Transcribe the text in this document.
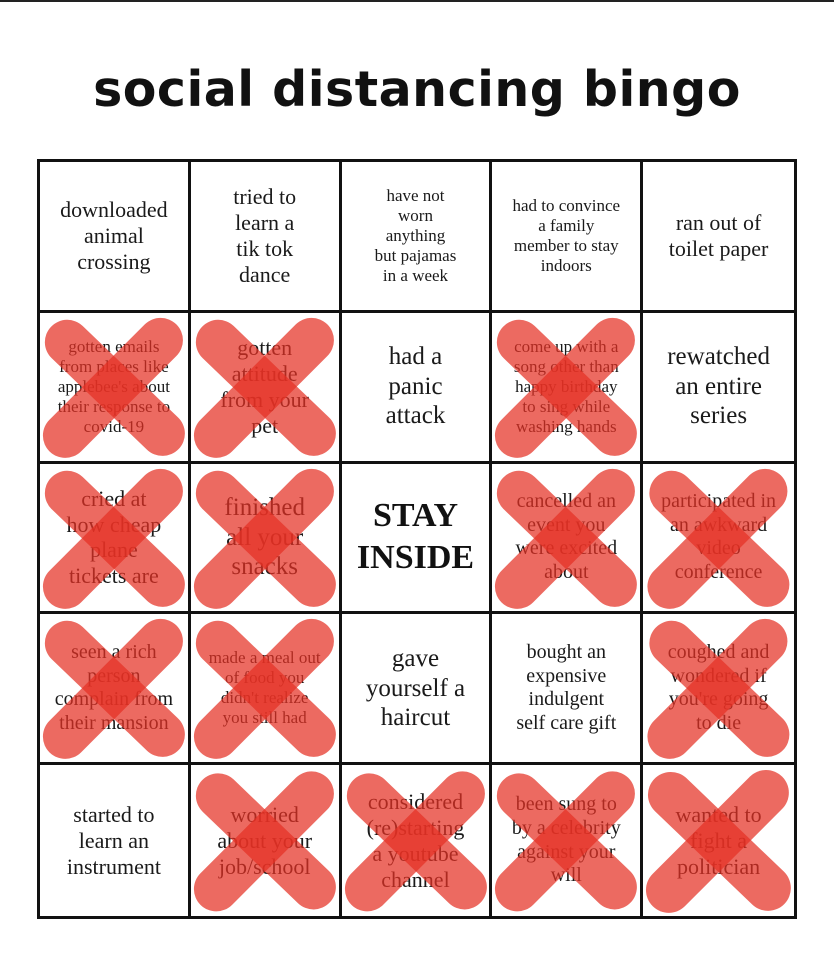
social distancing bingo
downloaded
animal
crossing
tried to
learn a
tik tok
dance
have not
worn
anything
but pajamas
in a week
had to convince
a family
member to stay
indoors
ran out of
toilet paper
gotten emails
from places like
applebee's about
their response to
covid-19
gotten
attitude
from your
pet
had a
panic
attack
come up with a
song other than
happy birthday
to sing while
washing hands
rewatched
an entire
series
cried at
how cheap
plane
tickets are
finished
all your
snacks
STAY
INSIDE
cancelled an
event you
were excited
about
participated in
an awkward
video
conference
seen a rich
person
complain from
their mansion
made a meal out
of food you
didn't realize
you still had
gave
yourself a
haircut
bought an
expensive
indulgent
self care gift
coughed and
wondered if
you're going
to die
started to
learn an
instrument
worried
about your
job/school
considered
(re)starting
a youtube
channel
been sung to
by a celebrity
against your
will
wanted to
fight a
politician
